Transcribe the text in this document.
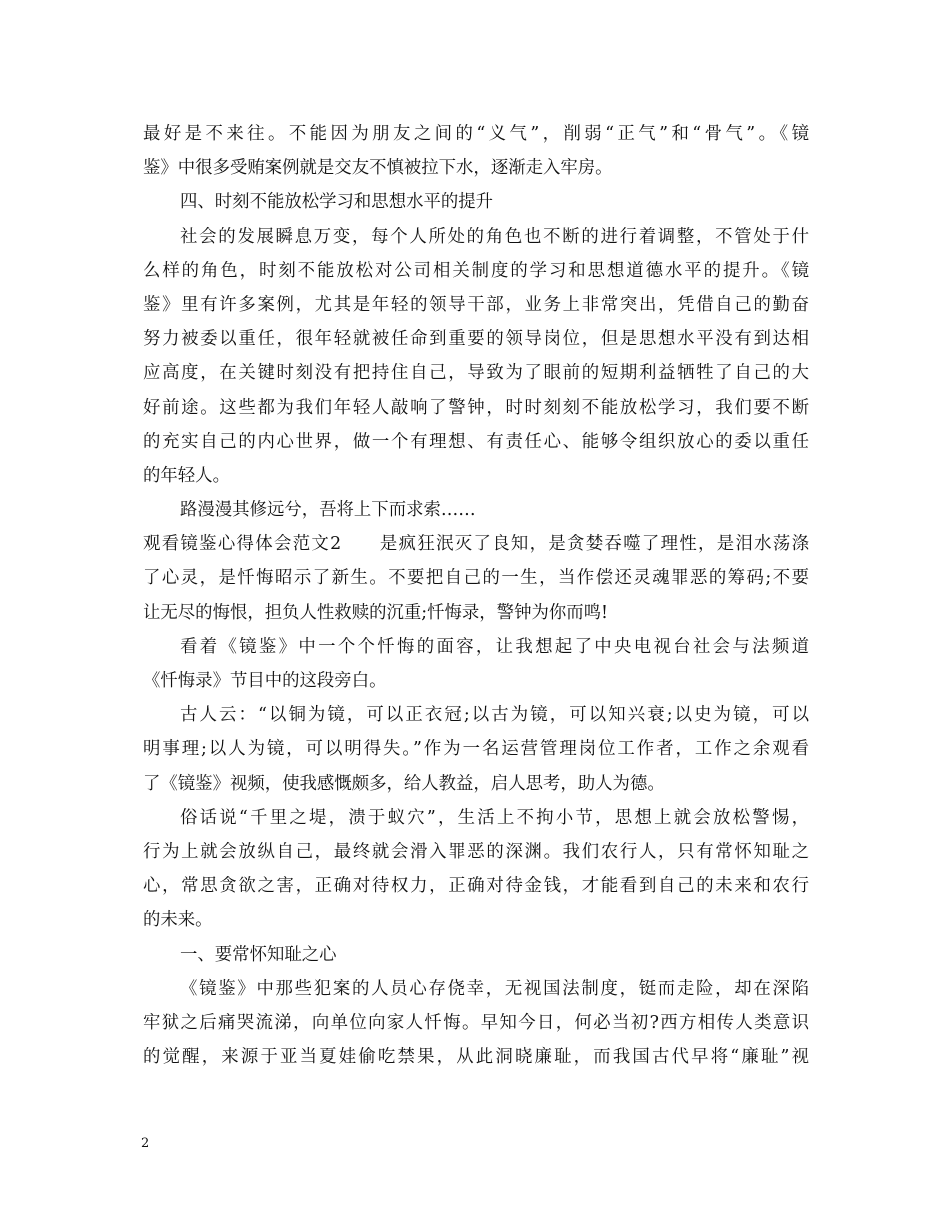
最好是不来往。不能因为朋友之间的“义气”，削弱“正气”和“骨气”。《镜
鉴》中很多受贿案例就是交友不慎被拉下水，逐渐走入牢房。
四、时刻不能放松学习和思想水平的提升
社会的发展瞬息万变，每个人所处的角色也不断的进行着调整，不管处于什
么样的角色，时刻不能放松对公司相关制度的学习和思想道德水平的提升。《镜
鉴》里有许多案例，尤其是年轻的领导干部，业务上非常突出，凭借自己的勤奋
努力被委以重任，很年轻就被任命到重要的领导岗位，但是思想水平没有到达相
应高度，在关键时刻没有把持住自己，导致为了眼前的短期利益牺牲了自己的大
好前途。这些都为我们年轻人敲响了警钟，时时刻刻不能放松学习，我们要不断
的充实自己的内心世界，做一个有理想、有责任心、能够令组织放心的委以重任
的年轻人。
路漫漫其修远兮，吾将上下而求索……
观看镜鉴心得体会范文2　　是疯狂泯灭了良知，是贪婪吞噬了理性，是泪水荡涤
了心灵，是忏悔昭示了新生。不要把自己的一生，当作偿还灵魂罪恶的筹码;不要
让无尽的悔恨，担负人性救赎的沉重;忏悔录，警钟为你而鸣!
看着《镜鉴》中一个个忏悔的面容，让我想起了中央电视台社会与法频道
《忏悔录》节目中的这段旁白。
古人云：“以铜为镜，可以正衣冠;以古为镜，可以知兴衰;以史为镜，可以
明事理;以人为镜，可以明得失。”作为一名运营管理岗位工作者，工作之余观看
了《镜鉴》视频，使我感慨颇多，给人教益，启人思考，助人为德。
俗话说“千里之堤，溃于蚁穴”，生活上不拘小节，思想上就会放松警惕，
行为上就会放纵自己，最终就会滑入罪恶的深渊。我们农行人，只有常怀知耻之
心，常思贪欲之害，正确对待权力，正确对待金钱，才能看到自己的未来和农行
的未来。
一、要常怀知耻之心
《镜鉴》中那些犯案的人员心存侥幸，无视国法制度，铤而走险，却在深陷
牢狱之后痛哭流涕，向单位向家人忏悔。早知今日，何必当初?西方相传人类意识
的觉醒，来源于亚当夏娃偷吃禁果，从此洞晓廉耻，而我国古代早将“廉耻”视
2
